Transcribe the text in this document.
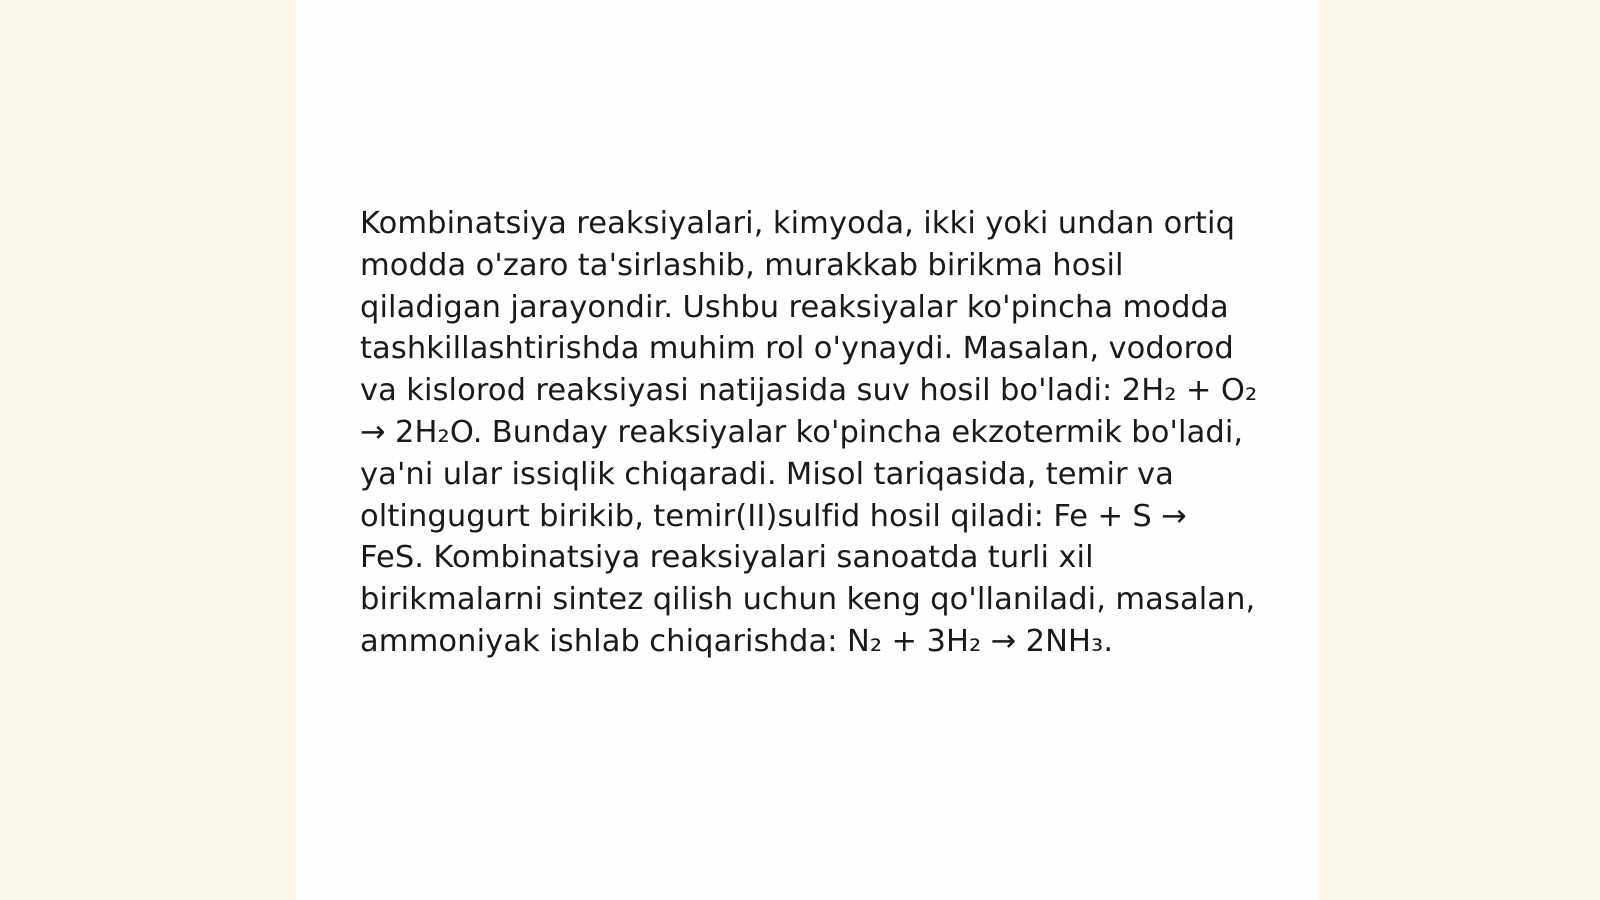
Kombinatsiya reaksiyalari, kimyoda, ikki yoki undan ortiq modda o'zaro ta'sirlashib, murakkab birikma hosil qiladigan jarayondir. Ushbu reaksiyalar ko'pincha modda tashkillashtirishda muhim rol o'ynaydi. Masalan, vodorod va kislorod reaksiyasi natijasida suv hosil bo'ladi: 2H₂ + O₂ → 2H₂O. Bunday reaksiyalar ko'pincha ekzotermik bo'ladi, ya'ni ular issiqlik chiqaradi. Misol tariqasida, temir va oltingugurt birikib, temir(II)sulfid hosil qiladi: Fe + S → FeS. Kombinatsiya reaksiyalari sanoatda turli xil birikmalarni sintez qilish uchun keng qo'llaniladi, masalan, ammoniyak ishlab chiqarishda: N₂ + 3H₂ → 2NH₃.
